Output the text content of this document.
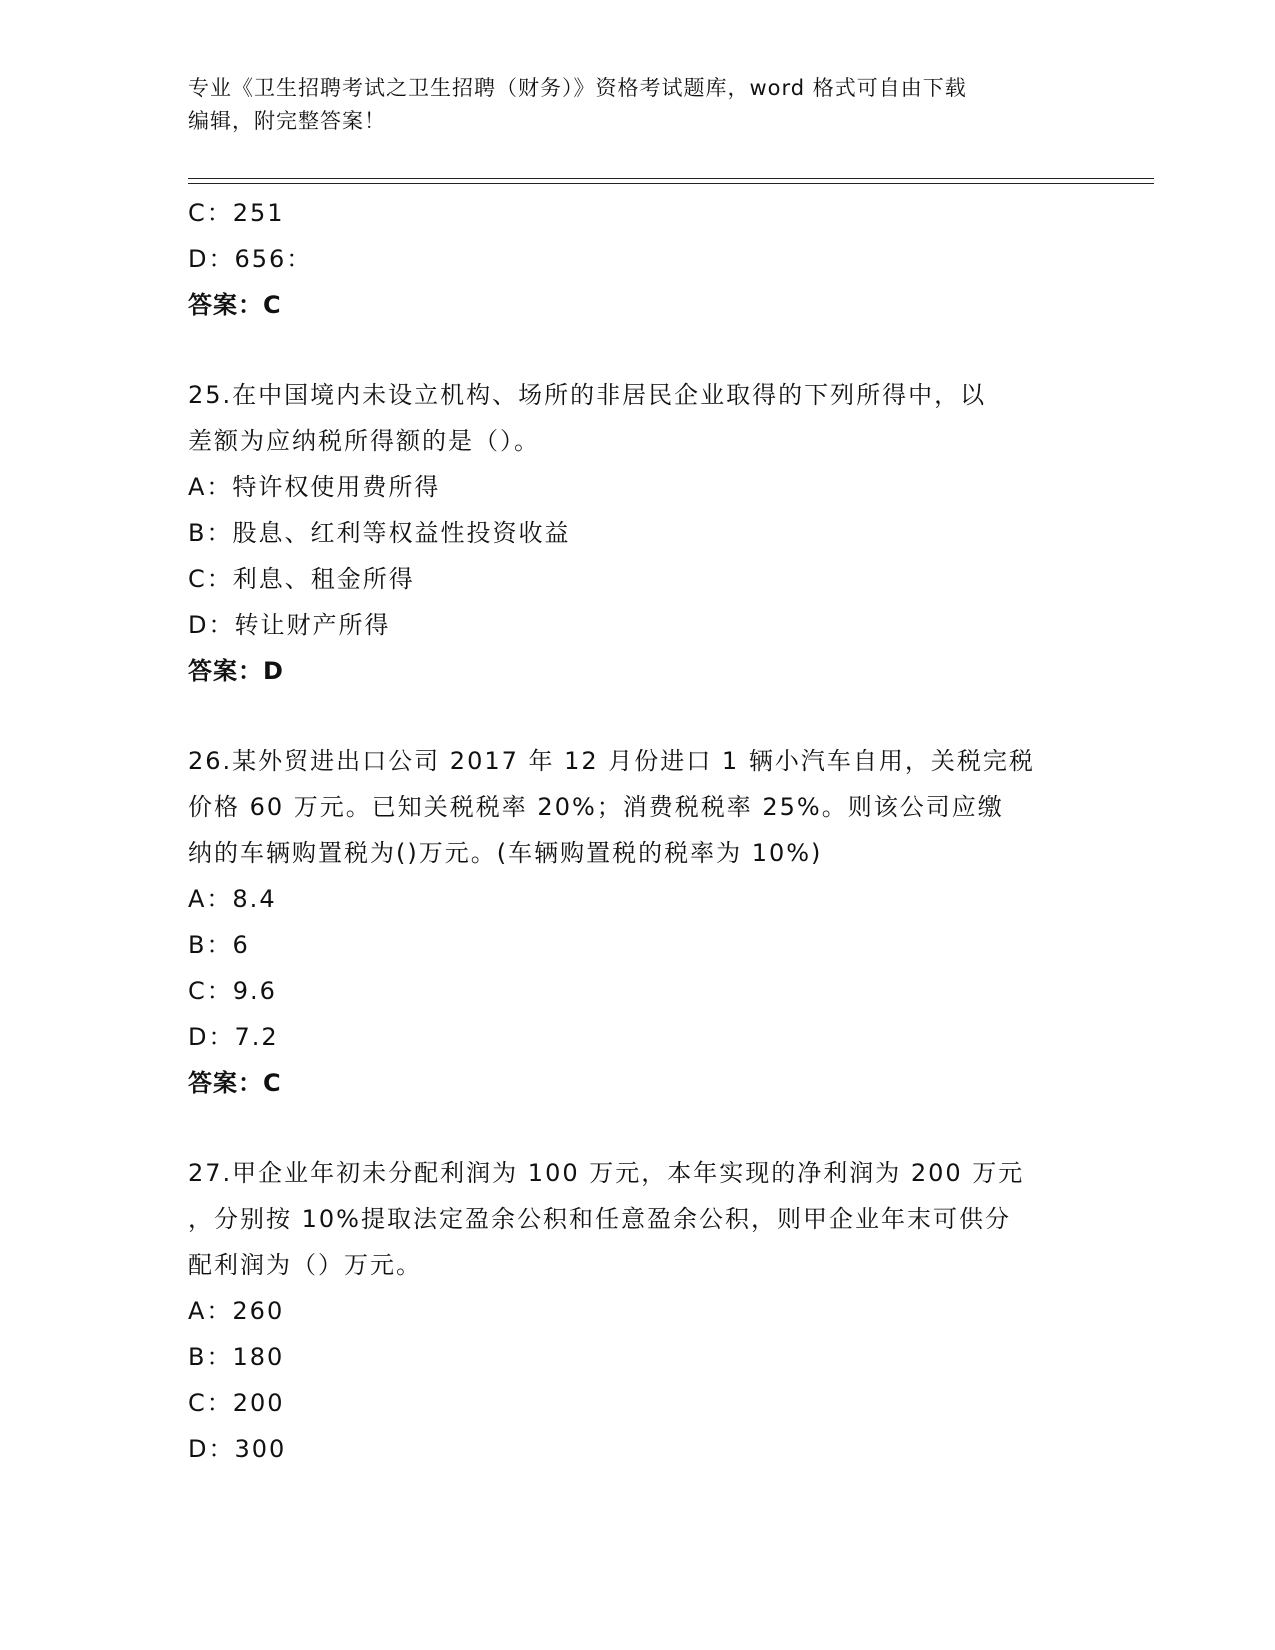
专业《卫生招聘考试之卫生招聘（财务）》资格考试题库，word 格式可自由下载
编辑，附完整答案！
C：251
D：656：
答案：C
25.在中国境内未设立机构、场所的非居民企业取得的下列所得中，以
差额为应纳税所得额的是（）。
A：特许权使用费所得
B：股息、红利等权益性投资收益
C：利息、租金所得
D：转让财产所得
答案：D
26.某外贸进出口公司 2017 年 12 月份进口 1 辆小汽车自用，关税完税
价格 60 万元。已知关税税率 20%；消费税税率 25%。则该公司应缴
纳的车辆购置税为()万元。(车辆购置税的税率为 10%)
A：8.4
B：6
C：9.6
D：7.2
答案：C
27.甲企业年初未分配利润为 100 万元，本年实现的净利润为 200 万元
，分别按 10%提取法定盈余公积和任意盈余公积，则甲企业年末可供分
配利润为（）万元。
A：260
B：180
C：200
D：300
